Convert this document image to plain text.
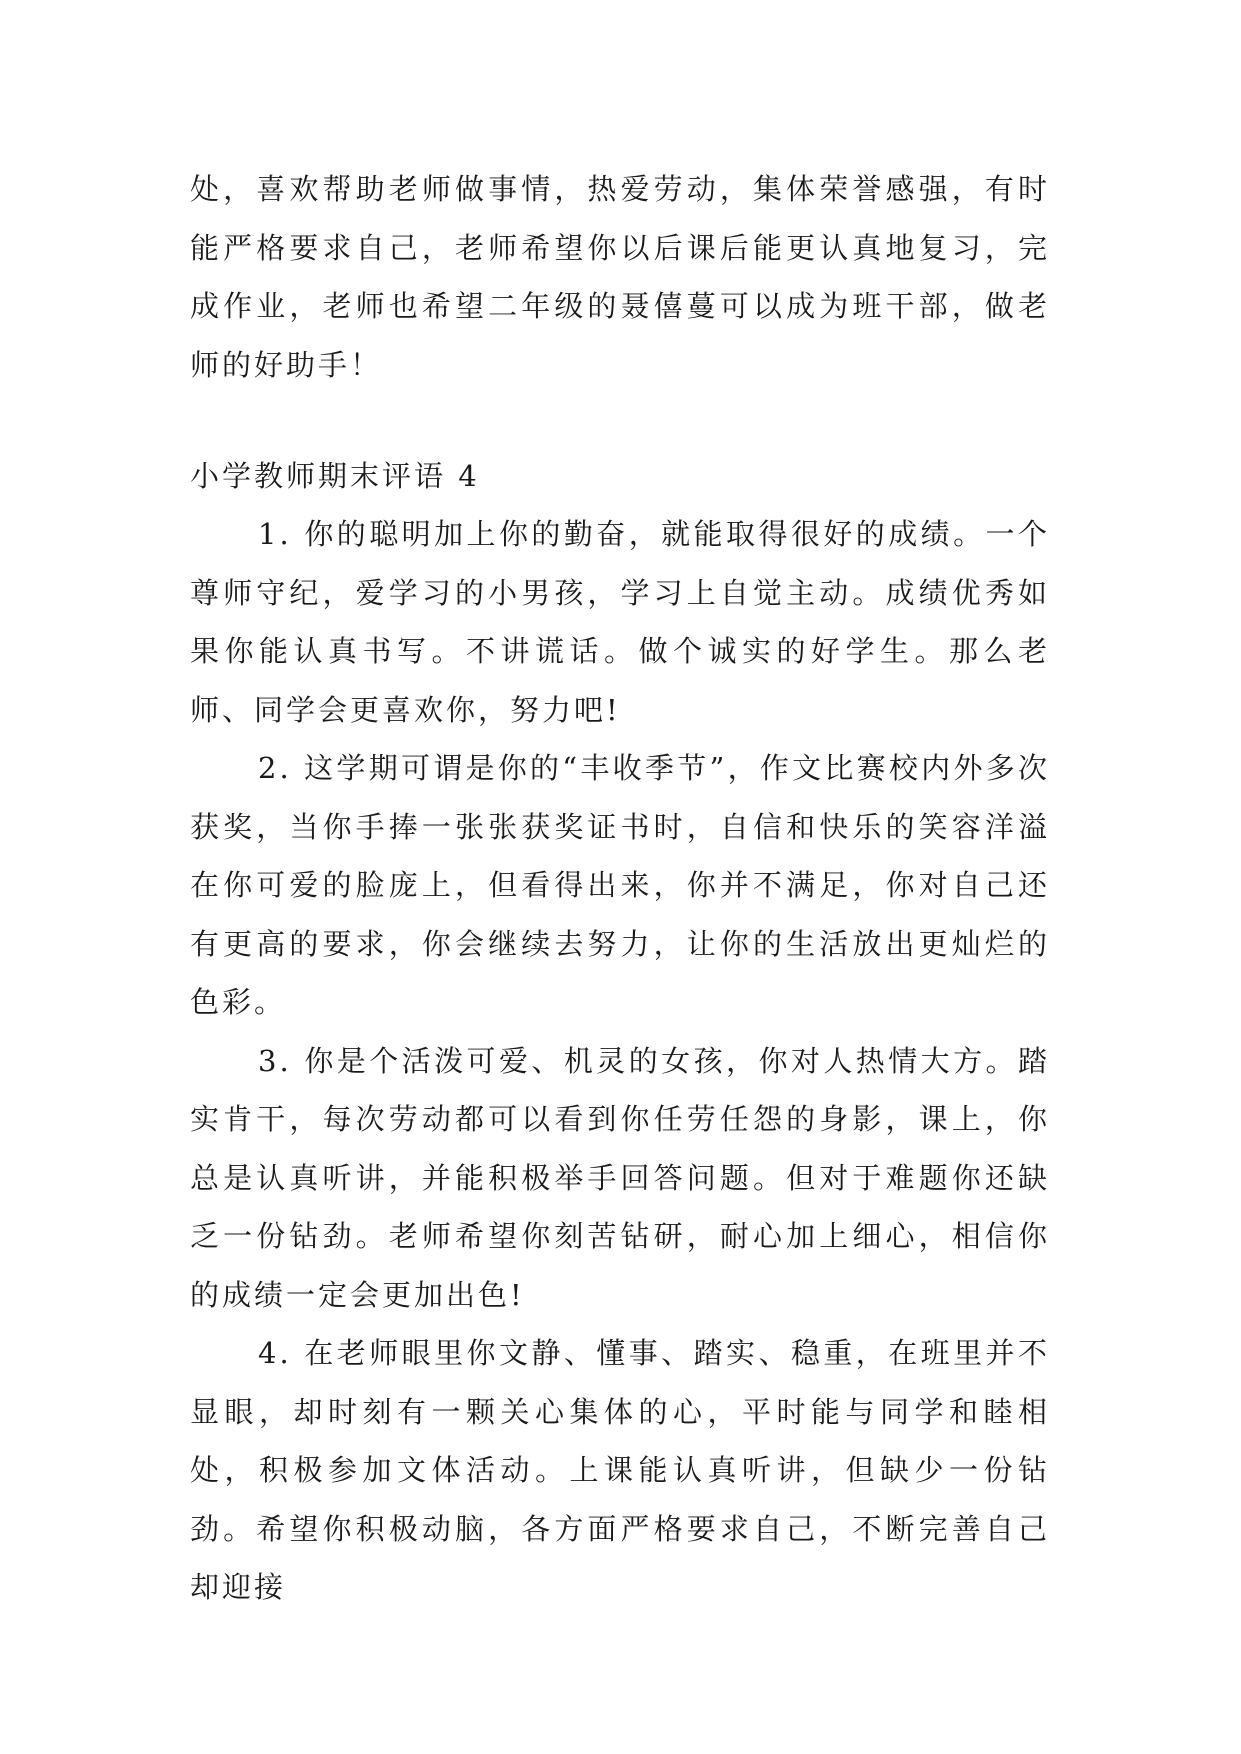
处，喜欢帮助老师做事情，热爱劳动，集体荣誉感强，有时能严格要求自己，老师希望你以后课后能更认真地复习，完成作业，老师也希望二年级的聂僖蔓可以成为班干部，做老师的好助手！

小学教师期末评语 4

1. 你的聪明加上你的勤奋，就能取得很好的成绩。一个尊师守纪，爱学习的小男孩，学习上自觉主动。成绩优秀如果你能认真书写。不讲谎话。做个诚实的好学生。那么老师、同学会更喜欢你，努力吧!

2. 这学期可谓是你的“丰收季节”，作文比赛校内外多次获奖，当你手捧一张张获奖证书时，自信和快乐的笑容洋溢在你可爱的脸庞上，但看得出来，你并不满足，你对自己还有更高的要求，你会继续去努力，让你的生活放出更灿烂的色彩。

3. 你是个活泼可爱、机灵的女孩，你对人热情大方。踏实肯干，每次劳动都可以看到你任劳任怨的身影，课上，你总是认真听讲，并能积极举手回答问题。但对于难题你还缺乏一份钻劲。老师希望你刻苦钻研，耐心加上细心，相信你的成绩一定会更加出色!

4. 在老师眼里你文静、懂事、踏实、稳重，在班里并不显眼，却时刻有一颗关心集体的心，平时能与同学和睦相处，积极参加文体活动。上课能认真听讲，但缺少一份钻劲。希望你积极动脑，各方面严格要求自己，不断完善自己却迎接
